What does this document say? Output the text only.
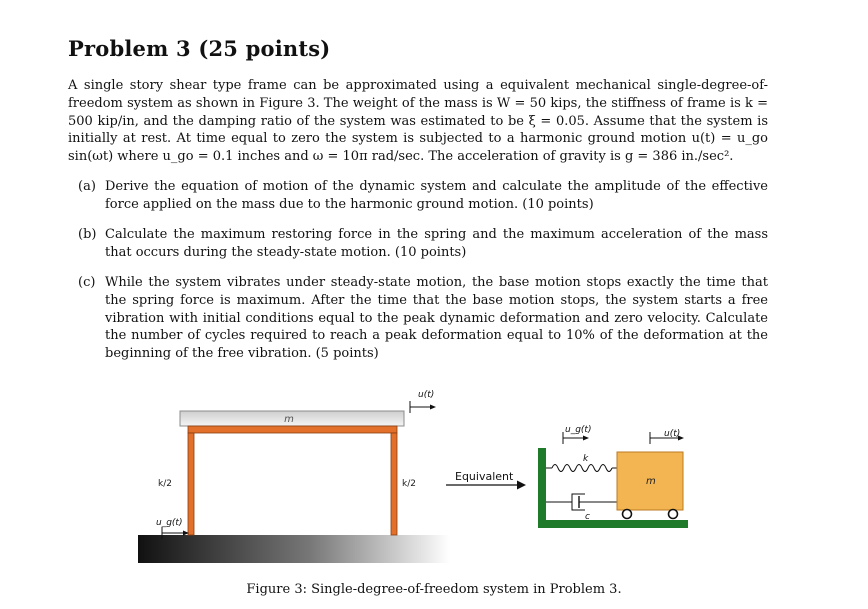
Problem 3 (25 points)

A single story shear type frame can be approximated using a equivalent mechanical single-degree-of-freedom system as shown in Figure 3. The weight of the mass is W = 50 kips, the stiffness of frame is k = 500 kip/in, and the damping ratio of the system was estimated to be ξ = 0.05. Assume that the system is initially at rest. At time equal to zero the system is subjected to a harmonic ground motion u(t) = u_go sin(ωt) where u_go = 0.1 inches and ω = 10π rad/sec. The acceleration of gravity is g = 386 in./sec².

(a) Derive the equation of motion of the dynamic system and calculate the amplitude of the effective force applied on the mass due to the harmonic ground motion. (10 points)
(b) Calculate the maximum restoring force in the spring and the maximum acceleration of the mass that occurs during the steady-state motion. (10 points)
(c) While the system vibrates under steady-state motion, the base motion stops exactly the time that the spring force is maximum. After the time that the base motion stops, the system starts a free vibration with initial conditions equal to the peak dynamic deformation and zero velocity. Calculate the number of cycles required to reach a peak deformation equal to 10% of the deformation at the beginning of the free vibration. (5 points)
m
k/2	k/2
u(t)
u_g(t)
Equivalent
k
c
m
u_g(t)	u(t)

Figure 3: Single-degree-of-freedom system in Problem 3.
